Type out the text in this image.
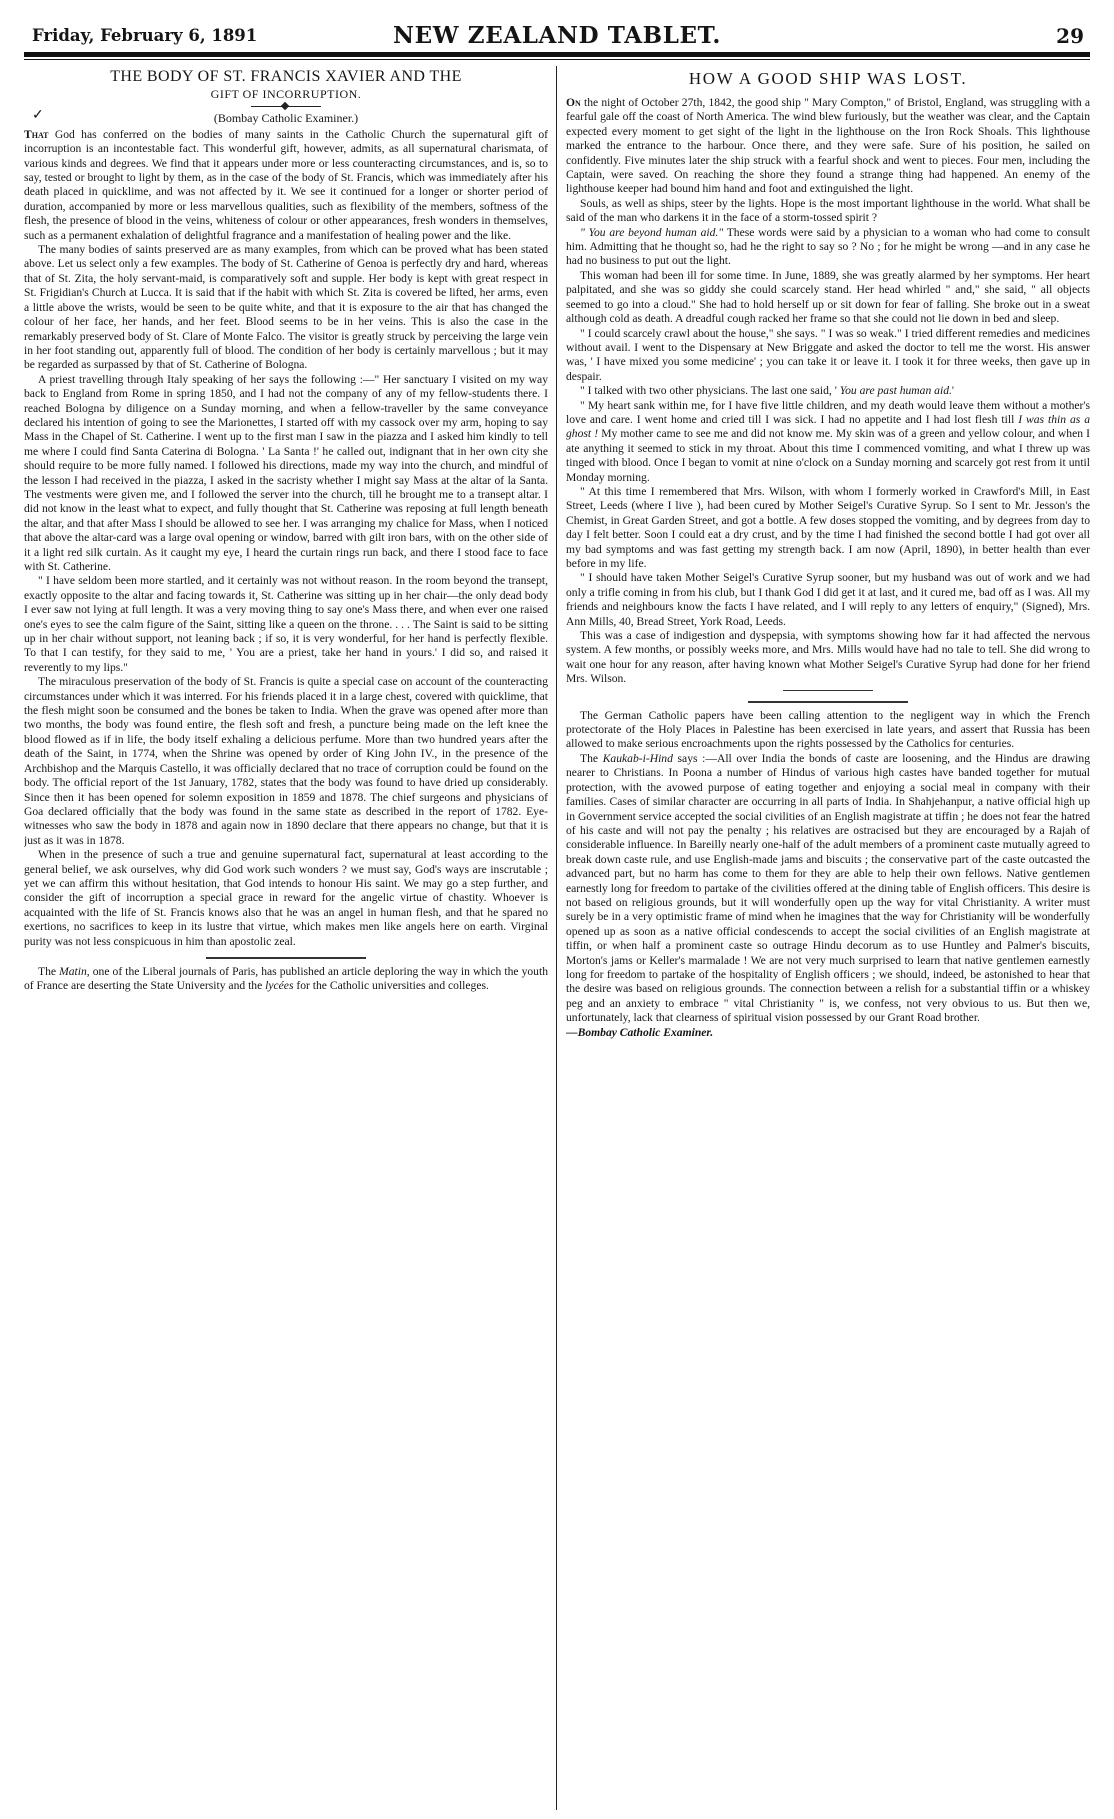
Friday, February 6, 1891	NEW ZEALAND TABLET.	29
THE BODY OF ST. FRANCIS XAVIER AND THE
GIFT OF INCORRUPTION.
✓	(Bombay Catholic Examiner.)

That God has conferred on the bodies of many saints in the Catholic Church the supernatural gift of incorruption is an incontestable fact. This wonderful gift, however, admits, as all supernatural charismata, of various kinds and degrees. We find that it appears under more or less counteracting circumstances, and is, so to say, tested or brought to light by them, as in the case of the body of St. Francis, which was immediately after his death placed in quicklime, and was not affected by it. We see it continued for a longer or shorter period of duration, accompanied by more or less marvellous qualities, such as flexibility of the members, softness of the flesh, the presence of blood in the veins, whiteness of colour or other appearances, fresh wonders in themselves, such as a permanent exhalation of delightful fragrance and a manifestation of healing power and the like.

The many bodies of saints preserved are as many examples, from which can be proved what has been stated above. Let us select only a few examples. The body of St. Catherine of Genoa is perfectly dry and hard, whereas that of St. Zita, the holy servant-maid, is comparatively soft and supple. Her body is kept with great respect in St. Frigidian's Church at Lucca. It is said that if the habit with which St. Zita is covered be lifted, her arms, even a little above the wrists, would be seen to be quite white, and that it is exposure to the air that has changed the colour of her face, her hands, and her feet. Blood seems to be in her veins. This is also the case in the remarkably preserved body of St. Clare of Monte Falco. The visitor is greatly struck by perceiving the large vein in her foot standing out, apparently full of blood. The condition of her body is certainly marvellous ; but it may be regarded as surpassed by that of St. Catherine of Bologna.

A priest travelling through Italy speaking of her says the following :—" Her sanctuary I visited on my way back to England from Rome in spring 1850, and I had not the company of any of my fellow-students there. I reached Bologna by diligence on a Sunday morning, and when a fellow-traveller by the same conveyance declared his intention of going to see the Marionettes, I started off with my cassock over my arm, hoping to say Mass in the Chapel of St. Catherine. I went up to the first man I saw in the piazza and I asked him kindly to tell me where I could find Santa Caterina di Bologna. ' La Santa !' he called out, indignant that in her own city she should require to be more fully named. I followed his directions, made my way into the church, and mindful of the lesson I had received in the piazza, I asked in the sacristy whether I might say Mass at the altar of la Santa. The vestments were given me, and I followed the server into the church, till he brought me to a transept altar. I did not know in the least what to expect, and fully thought that St. Catherine was reposing at full length beneath the altar, and that after Mass I should be allowed to see her. I was arranging my chalice for Mass, when I noticed that above the altar-card was a large oval opening or window, barred with gilt iron bars, with on the other side of it a light red silk curtain. As it caught my eye, I heard the curtain rings run back, and there I stood face to face with St. Catherine.

" I have seldom been more startled, and it certainly was not without reason. In the room beyond the transept, exactly opposite to the altar and facing towards it, St. Catherine was sitting up in her chair—the only dead body I ever saw not lying at full length. It was a very moving thing to say one's Mass there, and when ever one raised one's eyes to see the calm figure of the Saint, sitting like a queen on the throne. . . . The Saint is said to be sitting up in her chair without support, not leaning back ; if so, it is very wonderful, for her hand is perfectly flexible. To that I can testify, for they said to me, ' You are a priest, take her hand in yours.' I did so, and raised it reverently to my lips."

The miraculous preservation of the body of St. Francis is quite a special case on account of the counteracting circumstances under which it was interred. For his friends placed it in a large chest, covered with quicklime, that the flesh might soon be consumed and the bones be taken to India. When the grave was opened after more than two months, the body was found entire, the flesh soft and fresh, a puncture being made on the left knee the blood flowed as if in life, the body itself exhaling a delicious perfume. More than two hundred years after the death of the Saint, in 1774, when the Shrine was opened by order of King John IV., in the presence of the Archbishop and the Marquis Castello, it was officially declared that no trace of corruption could be found on the body. The official report of the 1st January, 1782, states that the body was found to have dried up considerably. Since then it has been opened for solemn exposition in 1859 and 1878. The chief surgeons and physicians of Goa declared officially that the body was found in the same state as described in the report of 1782. Eye-witnesses who saw the body in 1878 and again now in 1890 declare that there appears no change, but that it is just as it was in 1878.

When in the presence of such a true and genuine supernatural fact, supernatural at least according to the general belief, we ask ourselves, why did God work such wonders ? we must say, God's ways are inscrutable ; yet we can affirm this without hesitation, that God intends to honour His saint. We may go a step further, and consider the gift of incorruption a special grace in reward for the angelic virtue of chastity. Whoever is acquainted with the life of St. Francis knows also that he was an angel in human flesh, and that he spared no exertions, no sacrifices to keep in its lustre that virtue, which makes men like angels here on earth. Virginal purity was not less conspicuous in him than apostolic zeal.

The Matin, one of the Liberal journals of Paris, has published an article deploring the way in which the youth of France are deserting the State University and the lycées for the Catholic universities and colleges.

HOW A GOOD SHIP WAS LOST.

On the night of October 27th, 1842, the good ship " Mary Compton," of Bristol, England, was struggling with a fearful gale off the coast of North America. The wind blew furiously, but the weather was clear, and the Captain expected every moment to get sight of the light in the lighthouse on the Iron Rock Shoals. This lighthouse marked the entrance to the harbour. Once there, and they were safe. Sure of his position, he sailed on confidently. Five minutes later the ship struck with a fearful shock and went to pieces. Four men, including the Captain, were saved. On reaching the shore they found a strange thing had happened. An enemy of the lighthouse keeper had bound him hand and foot and extinguished the light.

Souls, as well as ships, steer by the lights. Hope is the most important lighthouse in the world. What shall be said of the man who darkens it in the face of a storm-tossed spirit ?

" You are beyond human aid." These words were said by a physician to a woman who had come to consult him. Admitting that he thought so, had he the right to say so ? No ; for he might be wrong —and in any case he had no business to put out the light.

This woman had been ill for some time. In June, 1889, she was greatly alarmed by her symptoms. Her heart palpitated, and she was so giddy she could scarcely stand. Her head whirled " and," she said, " all objects seemed to go into a cloud." She had to hold herself up or sit down for fear of falling. She broke out in a sweat although cold as death. A dreadful cough racked her frame so that she could not lie down in bed and sleep.

" I could scarcely crawl about the house," she says. " I was so weak." I tried different remedies and medicines without avail. I went to the Dispensary at New Briggate and asked the doctor to tell me the worst. His answer was, ' I have mixed you some medicine' ; you can take it or leave it. I took it for three weeks, then gave up in despair.

" I talked with two other physicians. The last one said, ' You are past human aid.'

" My heart sank within me, for I have five little children, and my death would leave them without a mother's love and care. I went home and cried till I was sick. I had no appetite and I had lost flesh till I was thin as a ghost ! My mother came to see me and did not know me. My skin was of a green and yellow colour, and when I ate anything it seemed to stick in my throat. About this time I commenced vomiting, and what I threw up was tinged with blood. Once I began to vomit at nine o'clock on a Sunday morning and scarcely got rest from it until Monday morning.

" At this time I remembered that Mrs. Wilson, with whom I formerly worked in Crawford's Mill, in East Street, Leeds (where I live ), had been cured by Mother Seigel's Curative Syrup. So I sent to Mr. Jesson's the Chemist, in Great Garden Street, and got a bottle. A few doses stopped the vomiting, and by degrees from day to day I felt better. Soon I could eat a dry crust, and by the time I had finished the second bottle I had got over all my bad symptoms and was fast getting my strength back. I am now (April, 1890), in better health than ever before in my life.

" I should have taken Mother Seigel's Curative Syrup sooner, but my husband was out of work and we had only a trifle coming in from his club, but I thank God I did get it at last, and it cured me, bad off as I was. All my friends and neighbours know the facts I have related, and I will reply to any letters of enquiry," (Signed), Mrs. Ann Mills, 40, Bread Street, York Road, Leeds.

This was a case of indigestion and dyspepsia, with symptoms showing how far it had affected the nervous system. A few months, or possibly weeks more, and Mrs. Mills would have had no tale to tell. She did wrong to wait one hour for any reason, after having known what Mother Seigel's Curative Syrup had done for her friend Mrs. Wilson.

The German Catholic papers have been calling attention to the negligent way in which the French protectorate of the Holy Places in Palestine has been exercised in late years, and assert that Russia has been allowed to make serious encroachments upon the rights possessed by the Catholics for centuries.

The Kaukab-i-Hind says :—All over India the bonds of caste are loosening, and the Hindus are drawing nearer to Christians. In Poona a number of Hindus of various high castes have banded together for mutual protection, with the avowed purpose of eating together and enjoying a social meal in company with their families. Cases of similar character are occurring in all parts of India. In Shahjehanpur, a native official high up in Government service accepted the social civilities of an English magistrate at tiffin ; he does not fear the hatred of his caste and will not pay the penalty ; his relatives are ostracised but they are encouraged by a Rajah of considerable influence. In Bareilly nearly one-half of the adult members of a prominent caste mutually agreed to break down caste rule, and use English-made jams and biscuits ; the conservative part of the caste outcasted the advanced part, but no harm has come to them for they are able to help their own fellows. Native gentlemen earnestly long for freedom to partake of the civilities offered at the dining table of English officers. This desire is not based on religious grounds, but it will wonderfully open up the way for vital Christianity. A writer must surely be in a very optimistic frame of mind when he imagines that the way for Christianity will be wonderfully opened up as soon as a native official condescends to accept the social civilities of an English magistrate at tiffin, or when half a prominent caste so outrage Hindu decorum as to use Huntley and Palmer's biscuits, Morton's jams or Keller's marmalade ! We are not very much surprised to learn that native gentlemen earnestly long for freedom to partake of the hospitality of English officers ; we should, indeed, be astonished to hear that the desire was based on religious grounds. The connection between a relish for a substantial tiffin or a whiskey peg and an anxiety to embrace " vital Christianity " is, we confess, not very obvious to us. But then we, unfortunately, lack that clearness of spiritual vision possessed by our Grant Road brother.

—Bombay Catholic Examiner.
